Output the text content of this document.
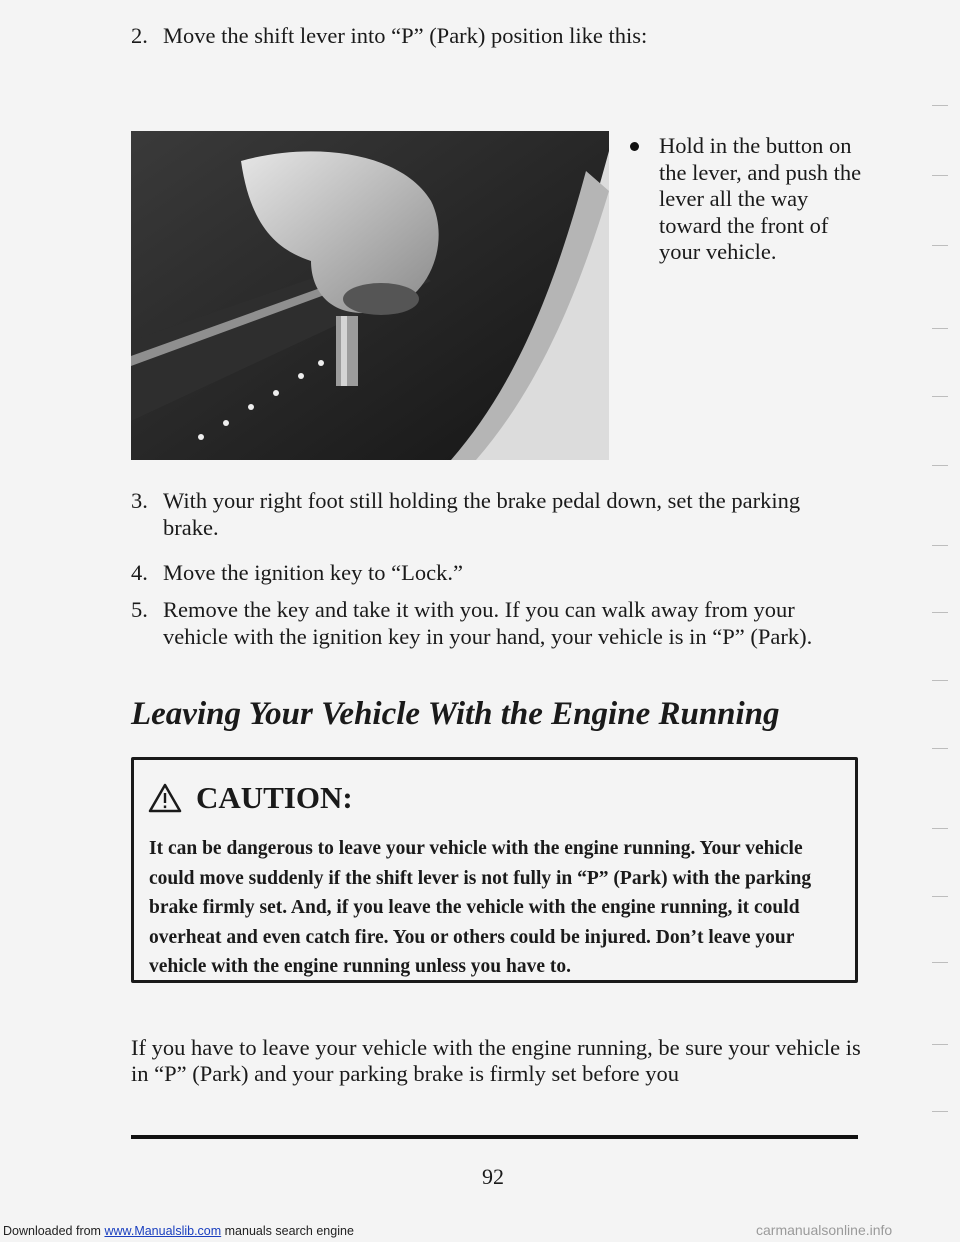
2. Move the shift lever into “P” (Park) position like this:
Hold in the button on the lever, and push the lever all the way toward the front of your vehicle.
3. With your right foot still holding the brake pedal down, set the parking brake.
4. Move the ignition key to “Lock.”
5. Remove the key and take it with you. If you can walk away from your vehicle with the ignition key in your hand, your vehicle is in “P” (Park).
Leaving Your Vehicle With the Engine Running
CAUTION:
It can be dangerous to leave your vehicle with the engine running. Your vehicle could move suddenly if the shift lever is not fully in “P” (Park) with the parking brake firmly set. And, if you leave the vehicle with the engine running, it could overheat and even catch fire. You or others could be injured. Don’t leave your vehicle with the engine running unless you have to.
If you have to leave your vehicle with the engine running, be sure your vehicle is in “P” (Park) and your parking brake is firmly set before you
92
Downloaded from www.Manualslib.com manuals search engine	carmanualsonline.info
